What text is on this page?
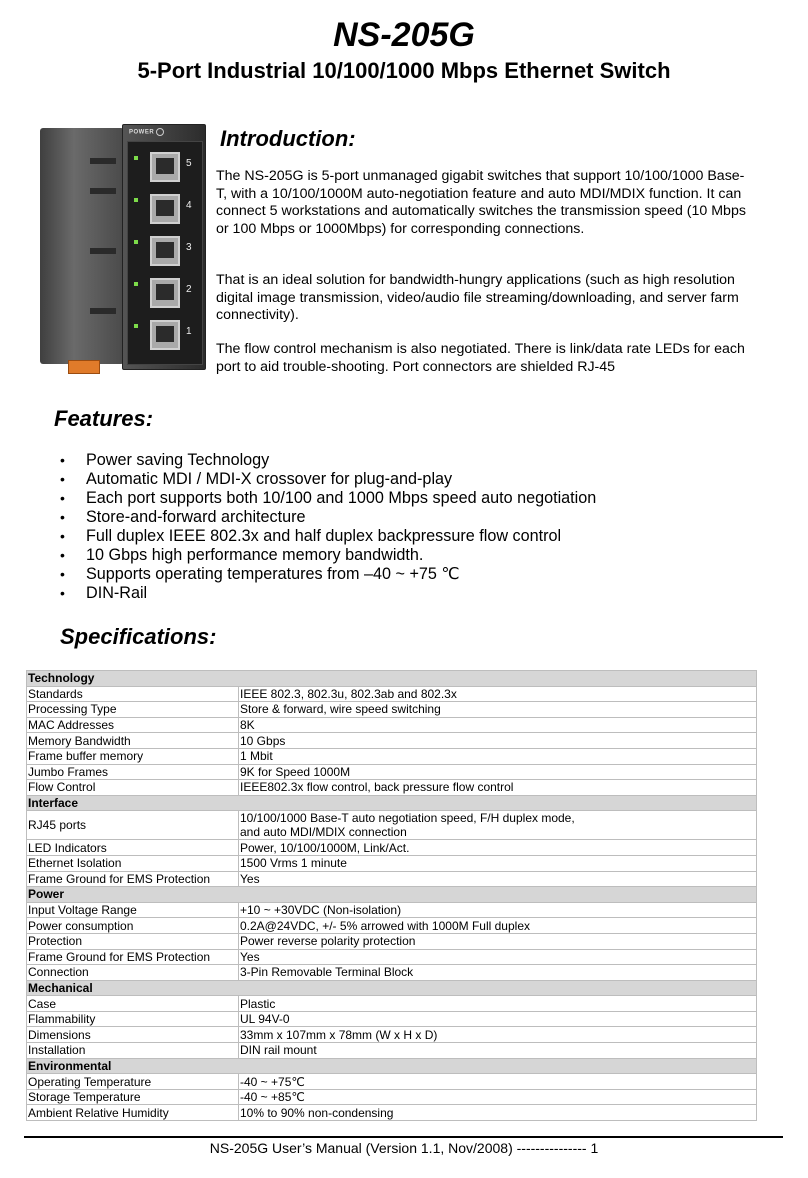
NS-205G
5-Port Industrial 10/100/1000 Mbps Ethernet Switch
POWER
5
4
3
2
1
Introduction:

The NS-205G is 5-port unmanaged gigabit switches that support 10/100/1000 Base-T, with a 10/100/1000M auto-negotiation feature and auto MDI/MDIX function. It can connect 5 workstations and automatically switches the transmission speed (10 Mbps or 100 Mbps or 1000Mbps) for corresponding connections.

That is an ideal solution for bandwidth-hungry applications (such as high resolution digital image transmission, video/audio file streaming/downloading, and server farm connectivity).

The flow control mechanism is also negotiated. There is link/data rate LEDs for each port to aid trouble-shooting. Port connectors are shielded RJ-45

Features:
• Power saving Technology
• Automatic MDI / MDI-X crossover for plug-and-play
• Each port supports both 10/100 and 1000 Mbps speed auto negotiation
• Store-and-forward architecture
• Full duplex IEEE 802.3x and half duplex backpressure flow control
• 10 Gbps high performance memory bandwidth.
• Supports operating temperatures from –40 ~ +75 ℃
• DIN-Rail
Specifications:
Technology	
Standards	IEEE 802.3, 802.3u, 802.3ab and 802.3x
Processing Type	Store & forward, wire speed switching
MAC Addresses	8K
Memory Bandwidth	10 Gbps
Frame buffer memory	1 Mbit
Jumbo Frames	9K for Speed 1000M
Flow Control	IEEE802.3x flow control, back pressure flow control
Interface	
RJ45 ports	10/100/1000 Base-T auto negotiation speed, F/H duplex mode,
and auto MDI/MDIX connection

LED Indicators	Power, 10/100/1000M, Link/Act.
Ethernet Isolation	1500 Vrms 1 minute
Frame Ground for EMS Protection	Yes
Power	
Input Voltage Range	+10 ~ +30VDC (Non-isolation)
Power consumption	0.2A@24VDC, +/- 5% arrowed with 1000M Full duplex
Protection	Power reverse polarity protection
Frame Ground for EMS Protection	Yes
Connection	3-Pin Removable Terminal Block
Mechanical	
Case	Plastic
Flammability	UL 94V-0
Dimensions	33mm x 107mm x 78mm (W x H x D)
Installation	DIN rail mount
Environmental	
Operating Temperature	-40 ~ +75℃
Storage Temperature	-40 ~ +85℃
Ambient Relative Humidity	10% to 90% non-condensing
NS-205G User’s Manual (Version 1.1, Nov/2008) --------------- 1
